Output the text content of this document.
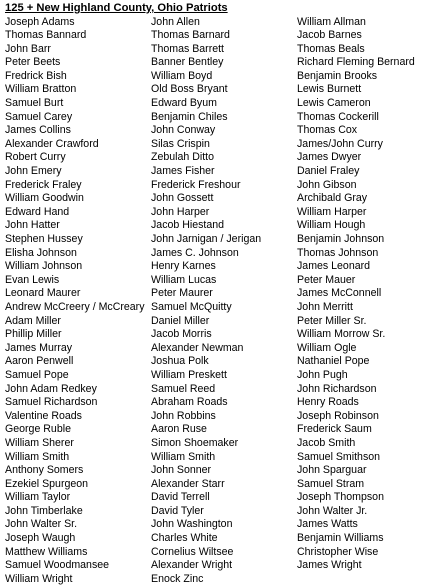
125 + New Highland County, Ohio Patriots
Joseph Adams
Thomas Bannard
John Barr
Peter Beets
Fredrick Bish
William Bratton
Samuel Burt
Samuel Carey
James Collins
Alexander Crawford
Robert Curry
John Emery
Frederick Fraley
William Goodwin
Edward Hand
John Hatter
Stephen Hussey
Elisha Johnson
William Johnson
Evan Lewis
Leonard Maurer
Andrew McCreery / McCreary
Adam Miller
Phillip Miller
James Murray
Aaron Penwell
Samuel Pope
John Adam Redkey
Samuel Richardson
Valentine Roads
George Ruble
William Sherer
William Smith
Anthony Somers
Ezekiel Spurgeon
William Taylor
John Timberlake
John Walter Sr.
Joseph Waugh
Matthew Williams
Samuel Woodmansee
William Wright
John Allen
Thomas Barnard
Thomas Barrett
Banner Bentley
William Boyd
Old Boss Bryant
Edward Byum
Benjamin Chiles
John Conway
Silas Crispin
Zebulah Ditto
James Fisher
Frederick Freshour
John Gossett
John Harper
Jacob Hiestand
John Jarnigan / Jerigan
James C. Johnson
Henry Karnes
William Lucas
Peter Maurer
Samuel McQuitty
Daniel Miller
Jacob Morris
Alexander Newman
Joshua Polk
William Preskett
Samuel Reed
Abraham Roads
John Robbins
Aaron Ruse
Simon Shoemaker
William Smith
John Sonner
Alexander Starr
David Terrell
David Tyler
John Washington
Charles White
Cornelius Wiltsee
Alexander Wright
Enock Zinc
William Allman
Jacob Barnes
Thomas Beals
Richard Fleming Bernard
Benjamin Brooks
Lewis Burnett
Lewis Cameron
Thomas Cockerill
Thomas Cox
James/John Curry
James Dwyer
Daniel Fraley
John Gibson
Archibald Gray
William Harper
William Hough
Benjamin Johnson
Thomas Johnson
James Leonard
Peter Mauer
James McConnell
John Merritt
Peter Miller Sr.
William Morrow Sr.
William Ogle
Nathaniel Pope
John Pugh
John Richardson
Henry Roads
Joseph Robinson
Frederick Saum
Jacob Smith
Samuel Smithson
John Sparguar
Samuel Stram
Joseph Thompson
John Walter Jr.
James Watts
Benjamin Williams
Christopher Wise
James Wright
